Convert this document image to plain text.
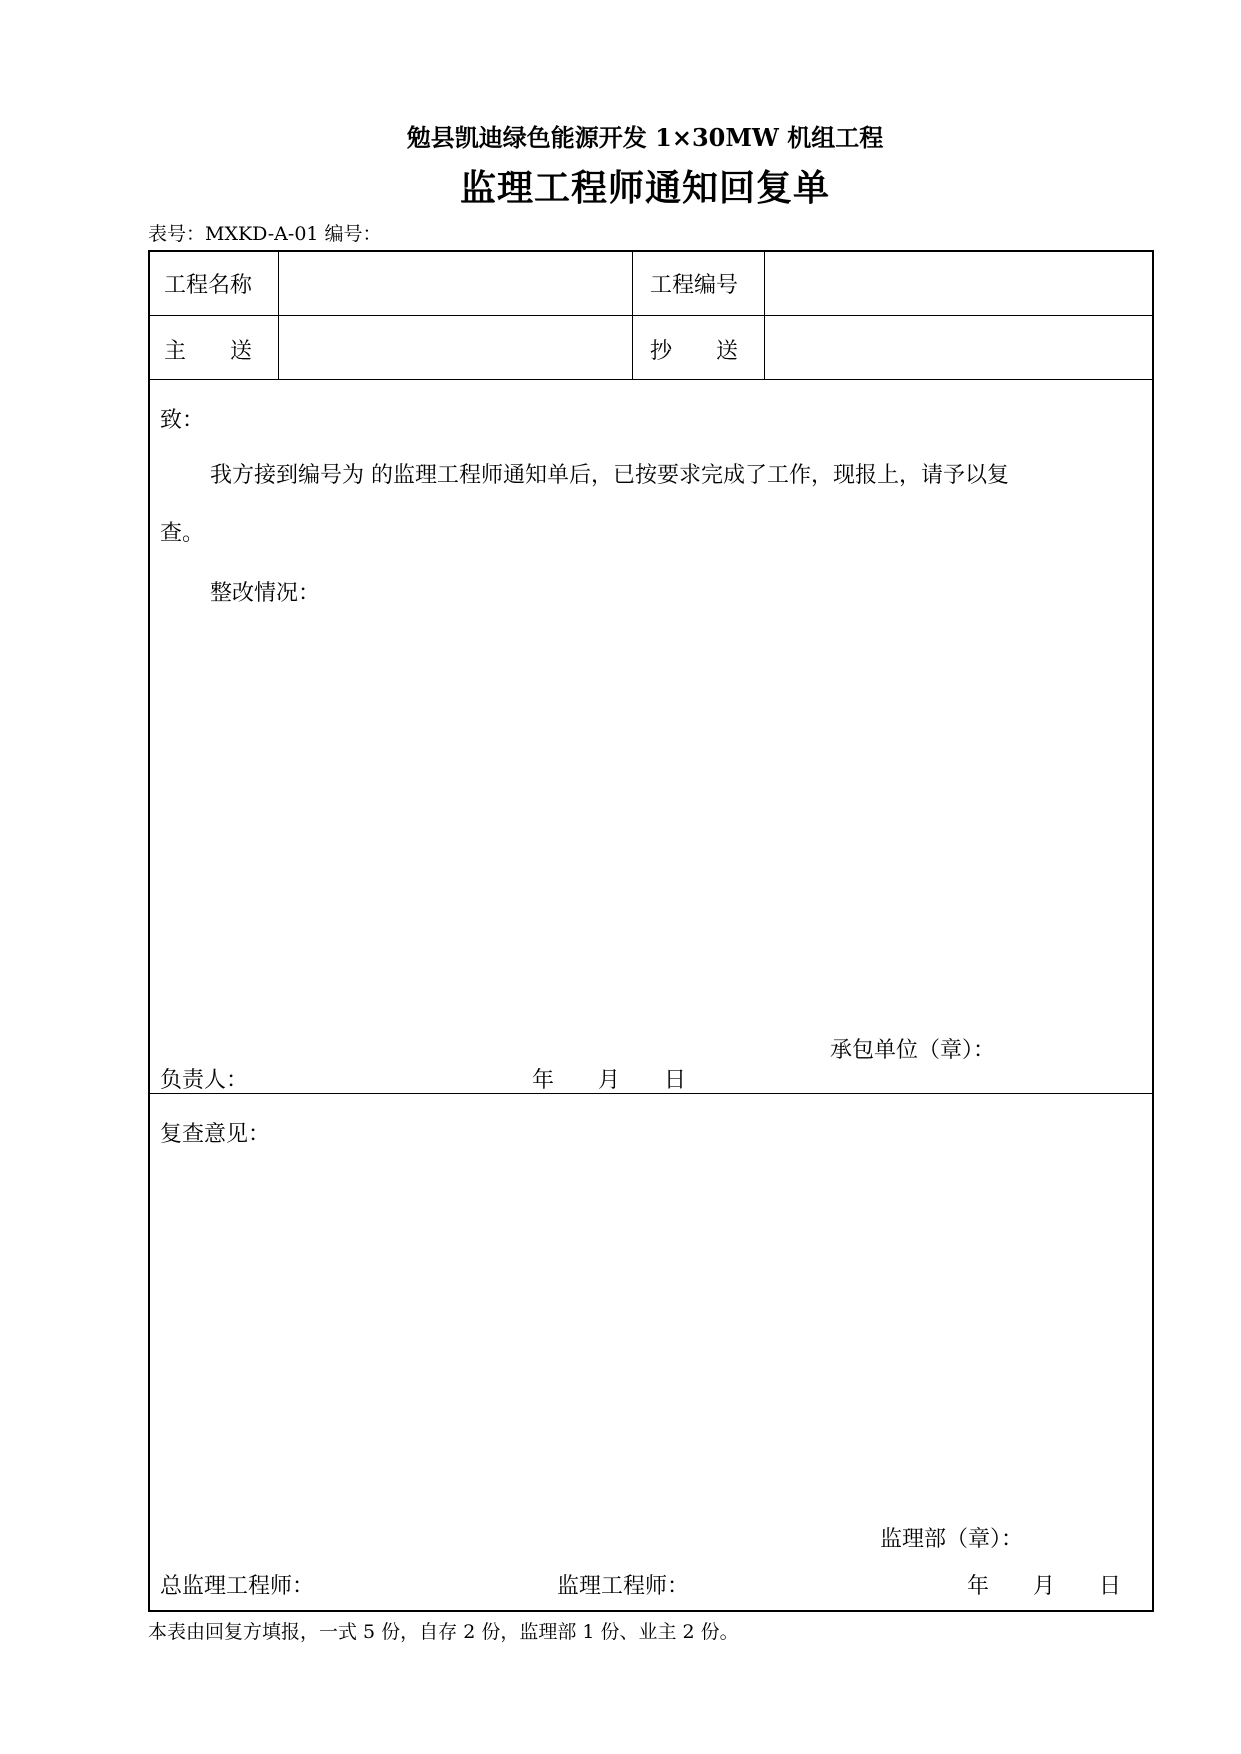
勉县凯迪绿色能源开发 1×30MW 机组工程
监理工程师通知回复单
表号：MXKD-A-01 编号：
工程名称	工程编号
主　　送	抄　　送
致：
我方接到编号为 的监理工程师通知单后，已按要求完成了工作，现报上，请予以复
查。
整改情况：
承包单位（章）：
负责人：	年　　月　　日
复查意见：
监理部（章）：
总监理工程师：	监理工程师：	年　　月　　日
本表由回复方填报，一式 5 份，自存 2 份，监理部 1 份、业主 2 份。
